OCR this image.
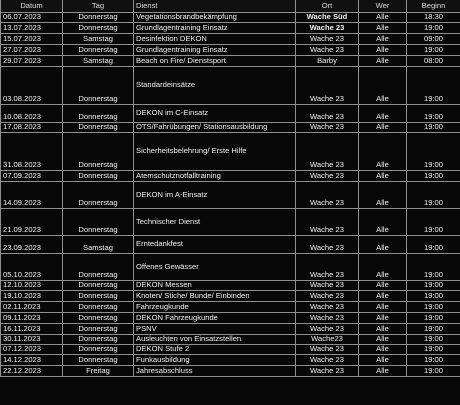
Datum	Tag	Dienst	Ort	Wer	Beginn
06.07.2023	Donnerstag	Vegetationsbrandbekämpfung	Wache Süd	Alle	18:30
13.07.2023	Donnerstag	Grundlagentraining Einsatz	Wache 23	Alle	19:00
15.07.2023	Samstag	Desinfektion DEKON	Wache 23	Alle	09:00
27.07.2023	Donnerstag	Grundlagentraining Einsatz	Wache 23	Alle	19:00
29.07.2023	Samstag	Beach on Fire/ Dienstsport	Barby	Alle	08:00
03.08.2023	Donnerstag	Standardeinsätze	Wache 23	Alle	19:00
10.08.2023	Donnerstag	DEKON im C-Einsatz	Wache 23	Alle	19:00
17.08.2023	Donnerstag	OTS/Fahrübungen/ Stationsausbildung	Wache 23	Alle	19:00
31.08.2023	Donnerstag	Sicherheitsbelehrung/ Erste Hilfe	Wache 23	Alle	19:00
07.09.2023	Donnerstag	Atemschutznotfalltraining	Wache 23	Alle	19:00
14.09.2023	Donnerstag	DEKON im A-Einsatz	Wache 23	Alle	19:00
21.09.2023	Donnerstag	Technischer Dienst	Wache 23	Alle	19:00
23.09.2023	Samstag	Erntedankfest	Wache 23	Alle	19:00
05.10.2023	Donnerstag	Offenes Gewässer	Wache 23	Alle	19:00
12.10.2023	Donnerstag	DEKON Messen	Wache 23	Alle	19:00
19.10.2023	Donnerstag	Knoten/ Stiche/ Bunde/ Einbinden	Wache 23	Alle	19:00
02.11.2023	Donnerstag	Fahrzeugkunde	Wache 23	Alle	19:00
09.11.2023	Donnerstag	DEKON Fahrzeugkunde	Wache 23	Alle	19:00
16.11.2023	Donnerstag	PSNV	Wache 23	Alle	19:00
30.11.2023	Donnerstag	Ausleuchten von Einsatzstellen	Wache23	Alle	19:00
07.12.2023	Donnerstag	DEKON Stufe 2	Wache 23	Alle	19:00
14.12.2023	Donnerstag	Funkausbildung	Wache 23	Alle	19:00
22.12.2023	Freitag	Jahresabschluss	Wache 23	Alle	19:00
